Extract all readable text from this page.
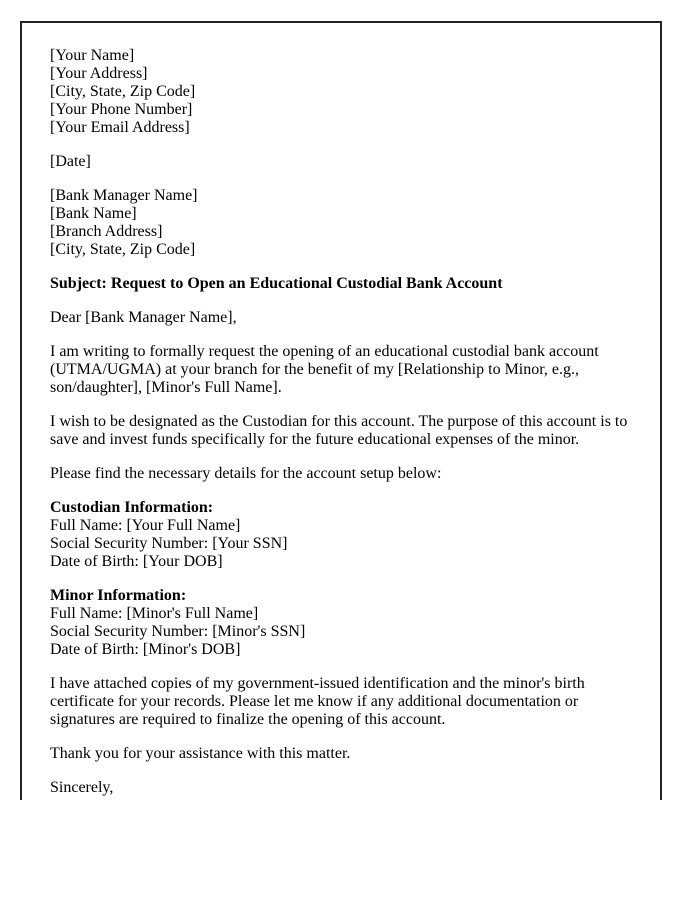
[Your Name]
[Your Address]
[City, State, Zip Code]
[Your Phone Number]
[Your Email Address]

[Date]

[Bank Manager Name]
[Bank Name]
[Branch Address]
[City, State, Zip Code]

Subject: Request to Open an Educational Custodial Bank Account

Dear [Bank Manager Name],

I am writing to formally request the opening of an educational custodial bank account
(UTMA/UGMA) at your branch for the benefit of my [Relationship to Minor, e.g.,
son/daughter], [Minor's Full Name].

I wish to be designated as the Custodian for this account. The purpose of this account is to
save and invest funds specifically for the future educational expenses of the minor.

Please find the necessary details for the account setup below:

Custodian Information:
Full Name: [Your Full Name]
Social Security Number: [Your SSN]
Date of Birth: [Your DOB]

Minor Information:
Full Name: [Minor's Full Name]
Social Security Number: [Minor's SSN]
Date of Birth: [Minor's DOB]

I have attached copies of my government-issued identification and the minor's birth
certificate for your records. Please let me know if any additional documentation or
signatures are required to finalize the opening of this account.

Thank you for your assistance with this matter.

Sincerely,
